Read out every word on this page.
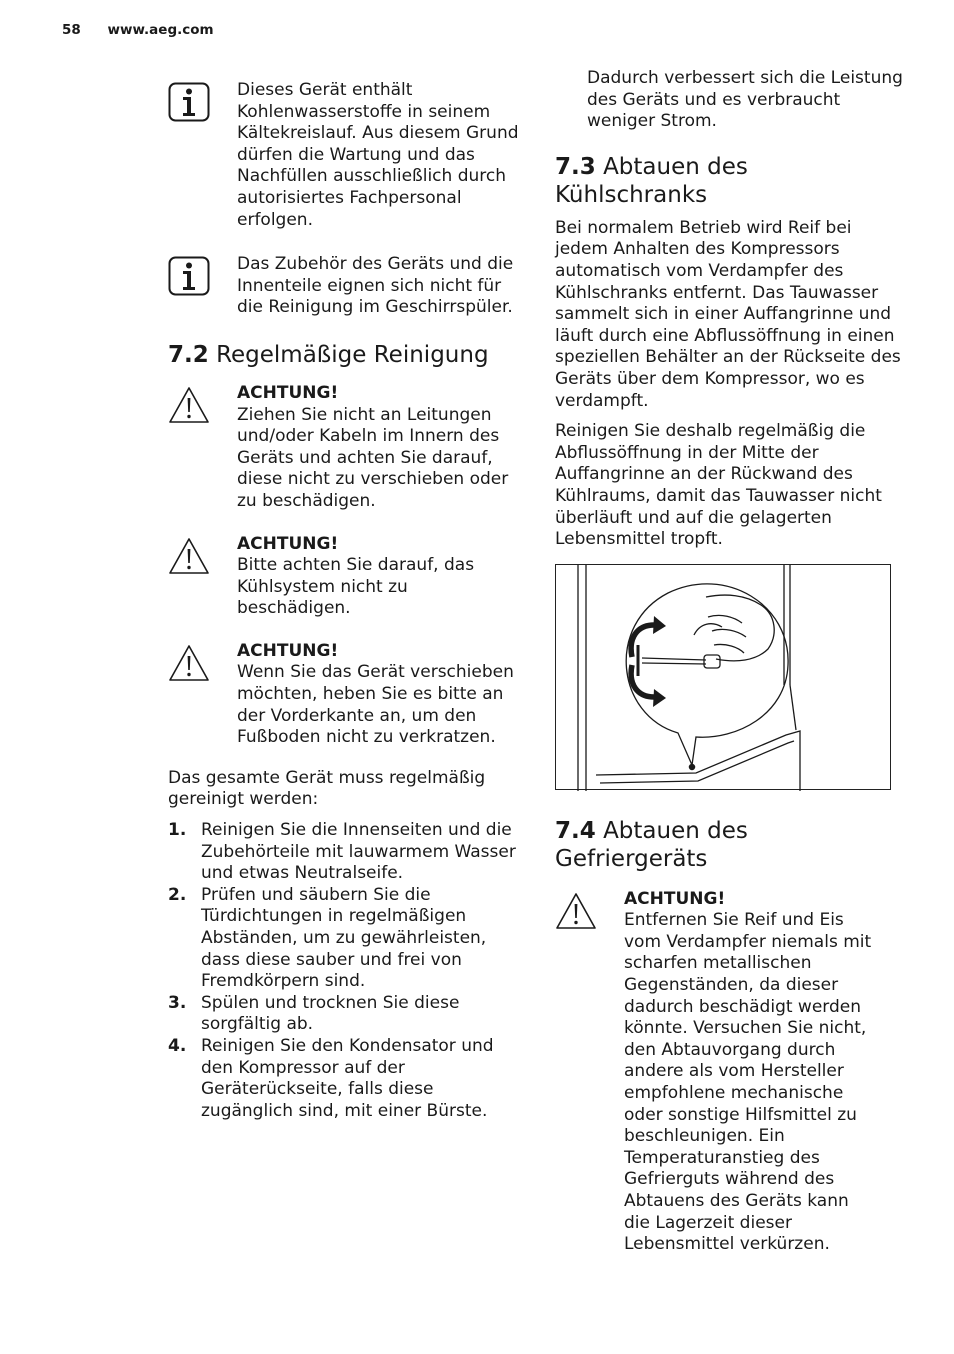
58 www.aeg.com

Dieses Gerät enthält Kohlenwasserstoffe in seinem Kältekreislauf. Aus diesem Grund dürfen die Wartung und das Nachfüllen ausschließlich durch autorisiertes Fachpersonal erfolgen.

Das Zubehör des Geräts und die Innenteile eignen sich nicht für die Reinigung im Geschirrspüler.

7.2 Regelmäßige Reinigung
ACHTUNG!

Ziehen Sie nicht an Leitungen und/oder Kabeln im Innern des Geräts und achten Sie darauf, diese nicht zu verschieben oder zu beschädigen.

ACHTUNG!

Bitte achten Sie darauf, das Kühlsystem nicht zu beschädigen.

ACHTUNG!

Wenn Sie das Gerät verschieben möchten, heben Sie es bitte an der Vorderkante an, um den Fußboden nicht zu verkratzen.

Das gesamte Gerät muss regelmäßig gereinigt werden:

1. Reinigen Sie die Innenseiten und die Zubehörteile mit lauwarmem Wasser und etwas Neutralseife.
2. Prüfen und säubern Sie die Türdichtungen in regelmäßigen Abständen, um zu gewährleisten, dass diese sauber und frei von Fremdkörpern sind.
3. Spülen und trocknen Sie diese sorgfältig ab.
4. Reinigen Sie den Kondensator und den Kompressor auf der Geräterückseite, falls diese zugänglich sind, mit einer Bürste.

Dadurch verbessert sich die Leistung des Geräts und es verbraucht weniger Strom.

7.3 Abtauen des Kühlschranks

Bei normalem Betrieb wird Reif bei jedem Anhalten des Kompressors automatisch vom Verdampfer des Kühlschranks entfernt. Das Tauwasser sammelt sich in einer Auffangrinne und läuft durch eine Abflussöffnung in einen speziellen Behälter an der Rückseite des Geräts über dem Kompressor, wo es verdampft.

Reinigen Sie deshalb regelmäßig die Abflussöffnung in der Mitte der Auffangrinne an der Rückwand des Kühlraums, damit das Tauwasser nicht überläuft und auf die gelagerten Lebensmittel tropft.

7.4 Abtauen des Gefriergeräts
ACHTUNG!

Entfernen Sie Reif und Eis vom Verdampfer niemals mit scharfen metallischen Gegenständen, da dieser dadurch beschädigt werden könnte. Versuchen Sie nicht, den Abtauvorgang durch andere als vom Hersteller empfohlene mechanische oder sonstige Hilfsmittel zu beschleunigen. Ein Temperaturanstieg des Gefrierguts während des Abtauens des Geräts kann die Lagerzeit dieser Lebensmittel verkürzen.
